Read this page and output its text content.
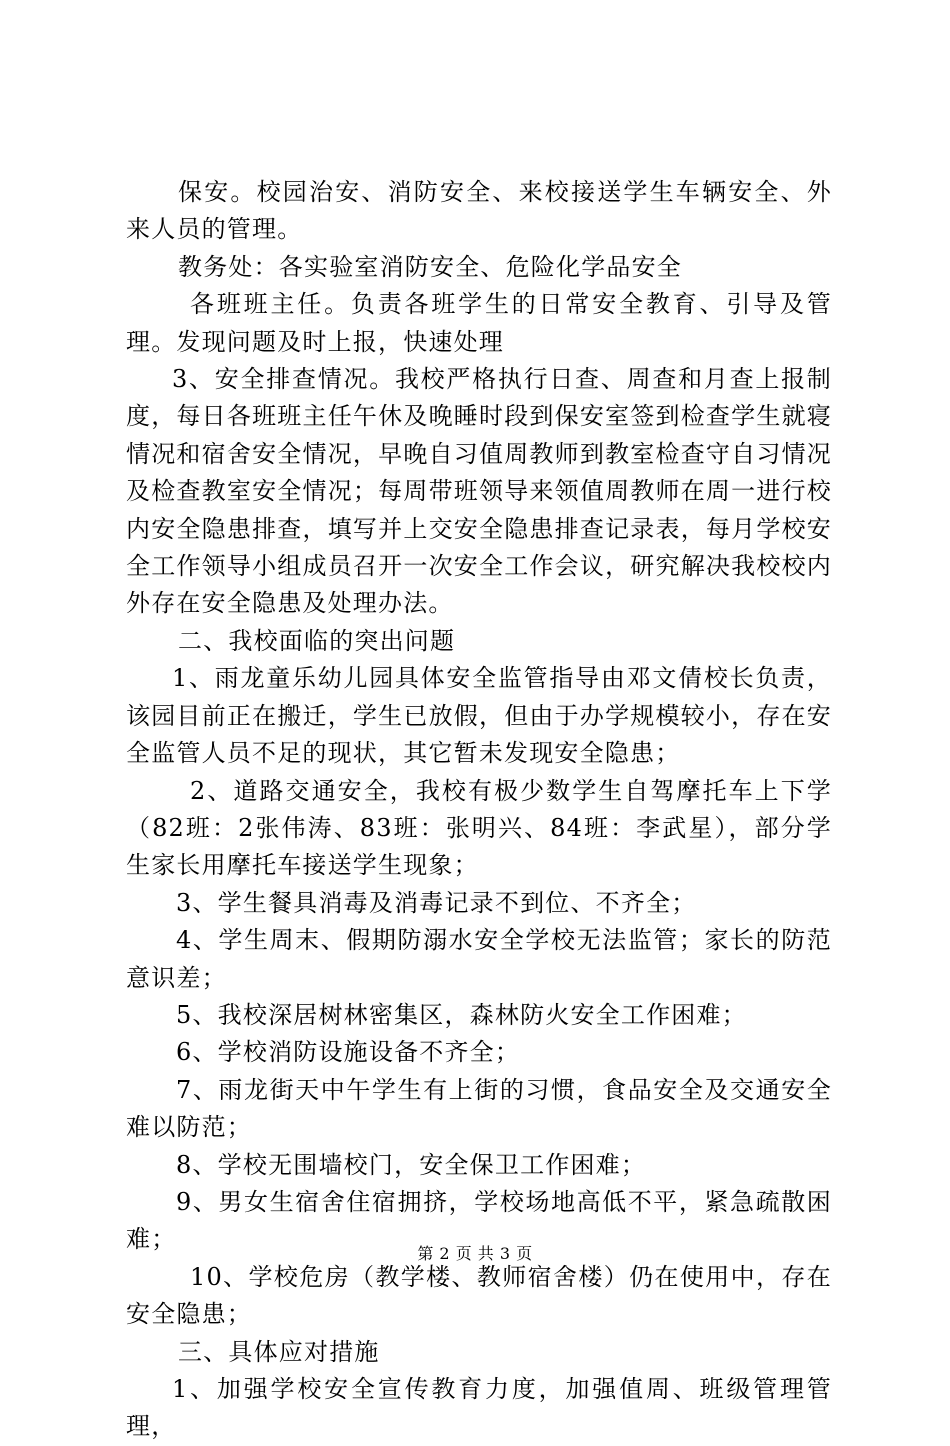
保安。校园治安、消防安全、来校接送学生车辆安全、外来人员的管理。

教务处：各实验室消防安全、危险化学品安全

各班班主任。负责各班学生的日常安全教育、引导及管理。发现问题及时上报，快速处理

3、安全排查情况。我校严格执行日查、周查和月查上报制度，每日各班班主任午休及晚睡时段到保安室签到检查学生就寝情况和宿舍安全情况，早晚自习值周教师到教室检查守自习情况及检查教室安全情况；每周带班领导来领值周教师在周一进行校内安全隐患排查，填写并上交安全隐患排查记录表，每月学校安全工作领导小组成员召开一次安全工作会议，研究解决我校校内外存在安全隐患及处理办法。

二、我校面临的突出问题

1、雨龙童乐幼儿园具体安全监管指导由邓文倩校长负责，该园目前正在搬迁，学生已放假，但由于办学规模较小，存在安全监管人员不足的现状，其它暂未发现安全隐患；

2、道路交通安全，我校有极少数学生自驾摩托车上下学（82班：2张伟涛、83班：张明兴、84班：李武星），部分学生家长用摩托车接送学生现象；

3、学生餐具消毒及消毒记录不到位、不齐全；

4、学生周末、假期防溺水安全学校无法监管；家长的防范意识差；

5、我校深居树林密集区，森林防火安全工作困难；

6、学校消防设施设备不齐全；

7、雨龙街天中午学生有上街的习惯，食品安全及交通安全难以防范；

8、学校无围墙校门，安全保卫工作困难；

9、男女生宿舍住宿拥挤，学校场地高低不平，紧急疏散困难；

10、学校危房（教学楼、教师宿舍楼）仍在使用中，存在安全隐患；

三、具体应对措施

1、加强学校安全宣传教育力度，加强值周、班级管理管理，

第 2 页 共 3 页
